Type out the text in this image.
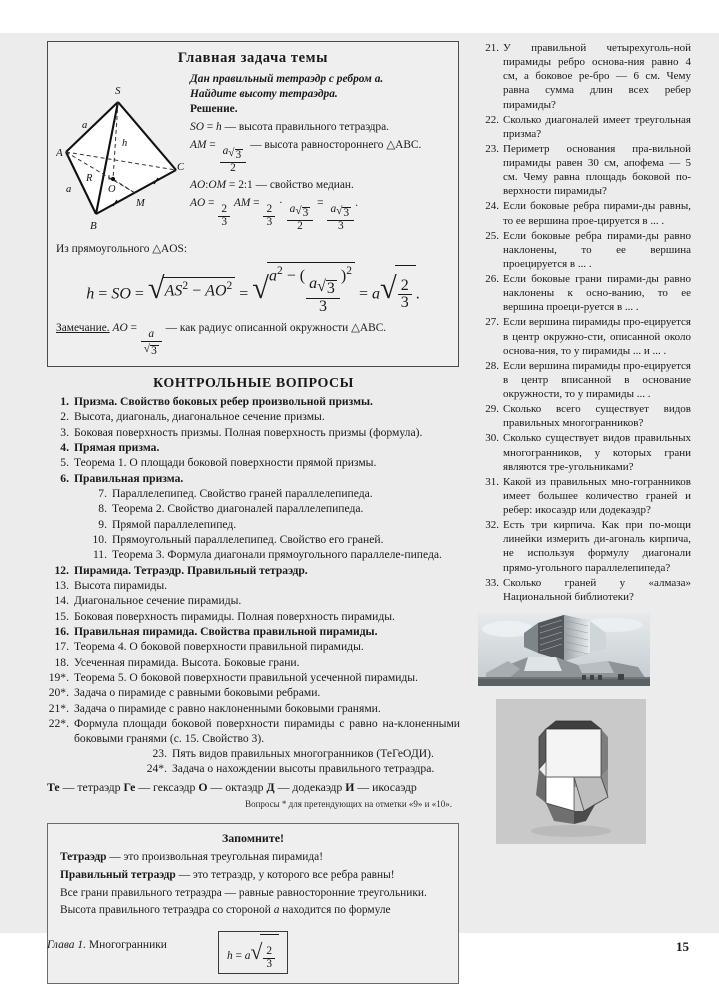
Главная задача темы
S
A
B
C
O
M
R
h
a
a
Дан правильный тетраэдр с ребром a.
Найдите высоту тетраэдра.
Решение.
SO = h — высота правильного тетраэдра.
AM =
$\frac{a √ 3}{2}$
— высота равностороннего △ABC.
AO:OM = 2:1 — свойство медиан.
AO =
$\frac{2}{3}$
AM =
$\frac{2}{3}$
·
$\frac{a √ 3}{2}$
=
$\frac{a √ 3}{3}$
.
Из прямоугольного △AOS:
h = SO = √ $AS^2 - AO^2$ = √ $a^2$ − (
$\frac{a √ 3}{3}$
)$^2$
= a √ $\frac{2}{3}$ .
Замечание. AO =
$\frac{a}{√ 3}$
— как радиус описанной окружности △ABC.
КОНТРОЛЬНЫЕ ВОПРОСЫ
1. Призма. Свойство боковых ребер произвольной призмы.
2. Высота, диагональ, диагональное сечение призмы.
3. Боковая поверхность призмы. Полная поверхность призмы (формула).
4. Прямая призма.
5. Теорема 1. О площади боковой поверхности прямой призмы.
6. Правильная призма.
7. Параллелепипед. Свойство граней параллелепипеда.
8. Теорема 2. Свойство диагоналей параллелепипеда.
9. Прямой параллелепипед.
10. Прямоугольный параллелепипед. Свойство его граней.
11. Теорема 3. Формула диагонали прямоугольного параллеле-пипеда.
12. Пирамида. Тетраэдр. Правильный тетраэдр.
13. Высота пирамиды.
14. Диагональное сечение пирамиды.
15. Боковая поверхность пирамиды. Полная поверхность пирамиды.
16. Правильная пирамида. Свойства правильной пирамиды.
17. Теорема 4. О боковой поверхности правильной пирамиды.
18. Усеченная пирамида. Высота. Боковые грани.
19*. Теорема 5. О боковой поверхности правильной усеченной пирамиды.
20*. Задача о пирамиде с равными боковыми ребрами.
21*. Задача о пирамиде с равно наклоненными боковыми гранями.
22*. Формула площади боковой поверхности пирамиды с равно на-клоненными боковыми гранями (с. 15. Свойство 3).
23. Пять видов правильных многогранников (ТеГеОДИ).
24*. Задача о нахождении высоты правильного тетраэдра.
Те — тетраэдр Ге — гексаэдр О — октаэдр Д — додекаэдр И — икосаэдр
Вопросы * для претендующих на отметки «9» и «10».
Запомните!
Тетраэдр — это произвольная треугольная пирамида!
Правильный тетраэдр — это тетраэдр, у которого все ребра равны!
Все грани правильного тетраэдра — равные равносторонние треугольники.
Высота правильного тетраэдра со стороной a находится по формуле
h = a √ $\frac{2}{3}$
21. У правильной четырехуголь-ной пирамиды ребро основа-ния равно 4 см, а боковое ре-бро — 6 см. Чему равна сумма длин всех ребер пирамиды?
22. Сколько диагоналей имеет треугольная призма?
23. Периметр основания пра-вильной пирамиды равен 30 см, апофема — 5 см. Чему равна площадь боковой по-верхности пирамиды?
24. Если боковые ребра пирами-ды равны, то ее вершина прое-цируется в ... .
25. Если боковые ребра пирами-ды равно наклонены, то ее вершина проецируется в ... .
26. Если боковые грани пирами-ды равно наклонены к осно-ванию, то ее вершина проеци-руется в ... .
27. Если вершина пирамиды про-ецируется в центр окружно-сти, описанной около основа-ния, то у пирамиды ... и ... .
28. Если вершина пирамиды про-ецируется в центр вписанной в основание окружности, то у пирамиды ... .
29. Сколько всего существует видов правильных многогранников?
30. Сколько существует видов правильных многогранников, у которых грани являются тре-угольниками?
31. Какой из правильных мно-гогранников имеет большее количество граней и ребер: икосаэдр или додекаэдр?
32. Есть три кирпича. Как при по-мощи линейки измерить ди-агональ кирпича, не используя формулу диагонали прямо-угольного параллелепипеда?
33. Сколько граней у «алмаза» Национальной библиотеки?
Глава 1. Многогранники	15
